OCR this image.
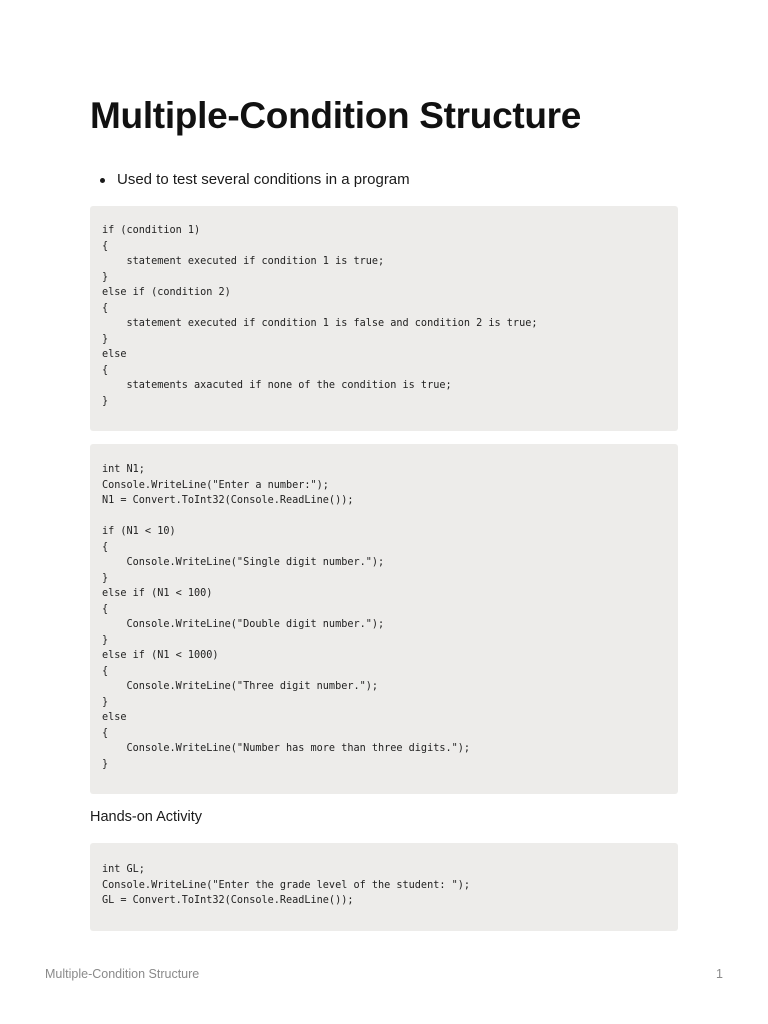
Multiple-Condition Structure
Used to test several conditions in a program
if (condition 1)
{
statement executed if condition 1 is true;
}
else if (condition 2)
{
statement executed if condition 1 is false and condition 2 is true;
}
else
{
statements axacuted if none of the condition is true;
}
int N1;
Console.WriteLine("Enter a number:");
N1 = Convert.ToInt32(Console.ReadLine());

if (N1 < 10)
{
Console.WriteLine("Single digit number.");
}
else if (N1 < 100)
{
Console.WriteLine("Double digit number.");
}
else if (N1 < 1000)
{
Console.WriteLine("Three digit number.");
}
else
{
Console.WriteLine("Number has more than three digits.");
}
Hands-on Activity
int GL;
Console.WriteLine("Enter the grade level of the student: ");
GL = Convert.ToInt32(Console.ReadLine());
Multiple-Condition Structure	1
